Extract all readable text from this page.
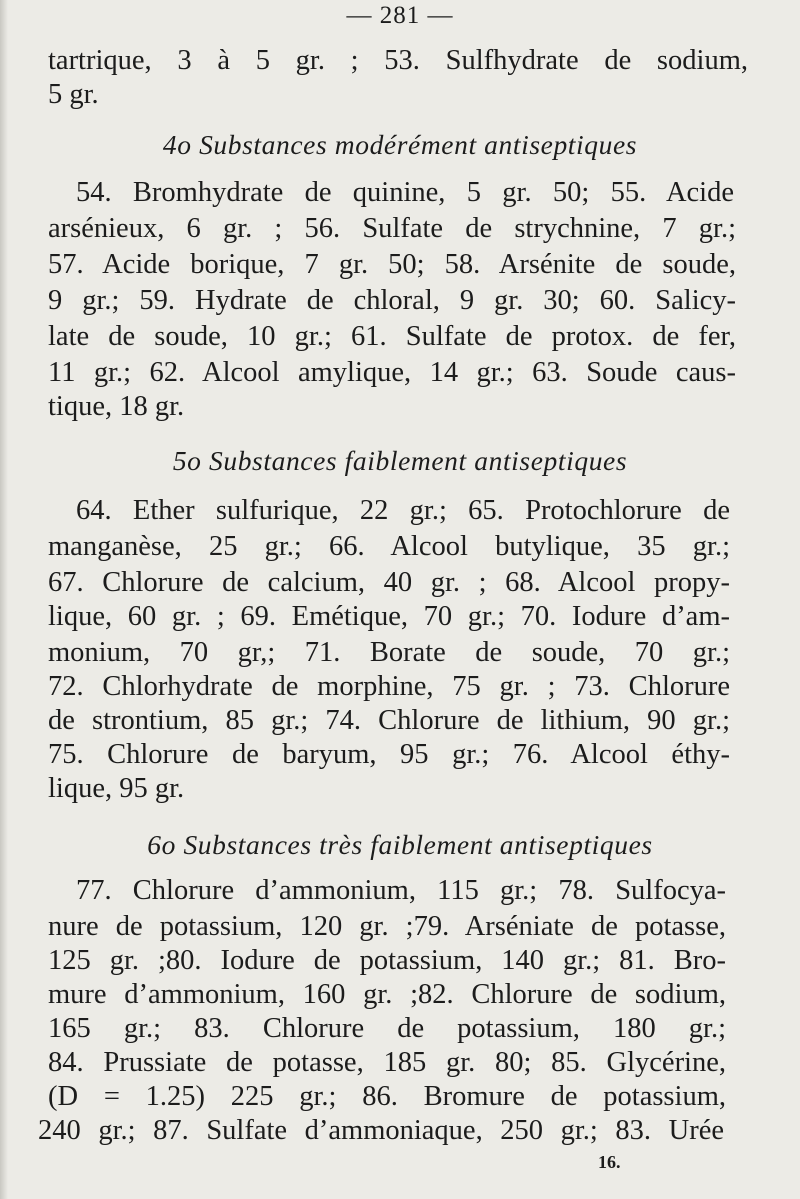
— 281 —
tartrique, 3 à 5 gr. ; 53. Sulfhydrate de sodium,
5 gr.
4o Substances modérément antiseptiques
54. Bromhydrate de quinine, 5 gr. 50; 55. Acide
arsénieux, 6 gr. ; 56. Sulfate de strychnine, 7 gr.;
57. Acide borique, 7 gr. 50; 58. Arsénite de soude,
9 gr.; 59. Hydrate de chloral, 9 gr. 30; 60. Salicy-
late de soude, 10 gr.; 61. Sulfate de protox. de fer,
11 gr.; 62. Alcool amylique, 14 gr.; 63. Soude caus-
tique, 18 gr.
5o Substances faiblement antiseptiques
64. Ether sulfurique, 22 gr.; 65. Protochlorure de
manganèse, 25 gr.; 66. Alcool butylique, 35 gr.;
67. Chlorure de calcium, 40 gr. ; 68. Alcool propy-
lique, 60 gr. ; 69. Emétique, 70 gr.; 70. Iodure d’am-
monium, 70 gr,; 71. Borate de soude, 70 gr.;
72. Chlorhydrate de morphine, 75 gr. ; 73. Chlorure
de strontium, 85 gr.; 74. Chlorure de lithium, 90 gr.;
75. Chlorure de baryum, 95 gr.; 76. Alcool éthy-
lique, 95 gr.
6o Substances très faiblement antiseptiques
77. Chlorure d’ammonium, 115 gr.; 78. Sulfocya-
nure de potassium, 120 gr. ;79. Arséniate de potasse,
125 gr. ;80. Iodure de potassium, 140 gr.; 81. Bro-
mure d’ammonium, 160 gr. ;82. Chlorure de sodium,
165 gr.; 83. Chlorure de potassium, 180 gr.;
84. Prussiate de potasse, 185 gr. 80; 85. Glycérine,
(D = 1.25) 225 gr.; 86. Bromure de potassium,
240 gr.; 87. Sulfate d’ammoniaque, 250 gr.; 83. Urée
16.
